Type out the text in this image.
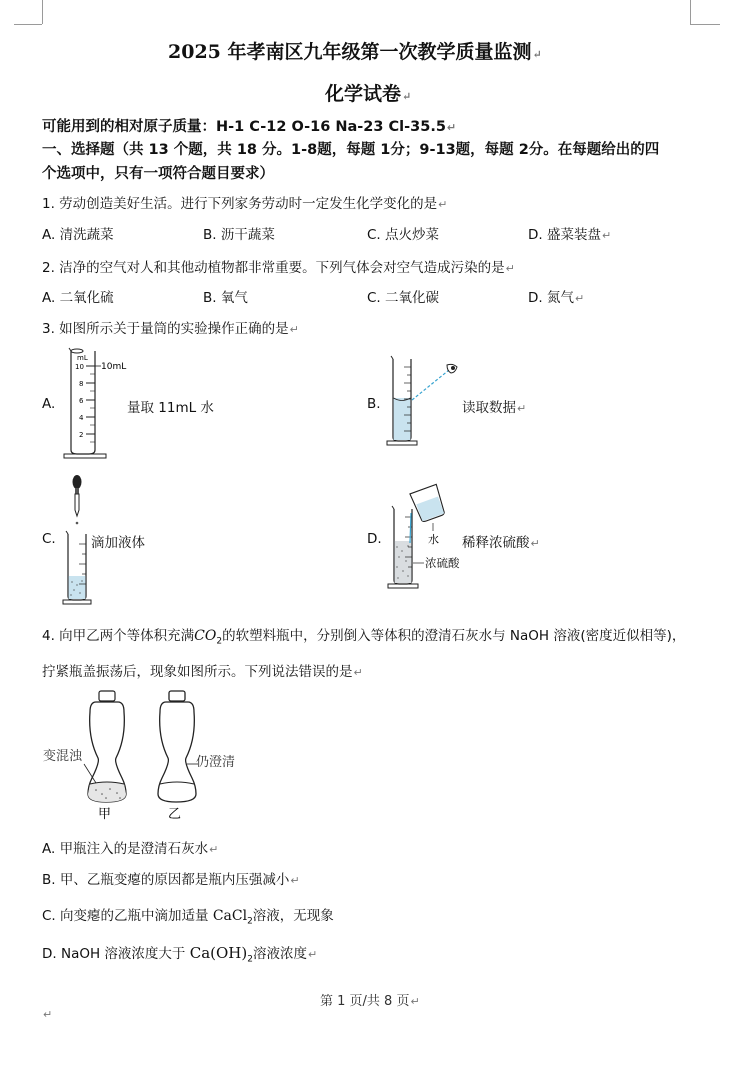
2025 年孝南区九年级第一次教学质量监测↵
化学试卷↵
可能用到的相对原子质量：H-1 C-12 O-16 Na-23 Cl-35.5↵
一、选择题（共 13 个题，共 18 分。1-8题，每题 1分；9-13题，每题 2分。在每题给出的四
个选项中，只有一项符合题目要求）
1. 劳动创造美好生活。进行下列家务劳动时一定发生化学变化的是↵
A. 清洗蔬菜	B. 沥干蔬菜	C. 点火炒菜	D. 盛菜装盘↵
2. 洁净的空气对人和其他动植物都非常重要。下列气体会对空气造成污染的是↵
A. 二氧化硫	B. 氧气	C. 二氧化碳	D. 氮气↵
3. 如图所示关于量筒的实验操作正确的是↵
A.
mL
10 10mL
8
6
4
2
量取 11mL 水	B.	读取数据↵
C.	滴加液体	D.	水
浓硫酸
稀释浓硫酸↵
4. 向甲乙两个等体积充满$CO_2$的软塑料瓶中，分别倒入等体积的澄清石灰水与 NaOH 溶液(密度近似相等)，
拧紧瓶盖振荡后，现象如图所示。下列说法错误的是↵
变混浊
甲
仍澄清
乙
A. 甲瓶注入的是澄清石灰水↵
B. 甲、乙瓶变瘪的原因都是瓶内压强减小↵
C. 向变瘪的乙瓶中滴加适量 CaCl$_2$溶液，无现象
D. NaOH 溶液浓度大于 $Ca(OH)_2$溶液浓度↵
第 1 页/共 8 页↵
↵
